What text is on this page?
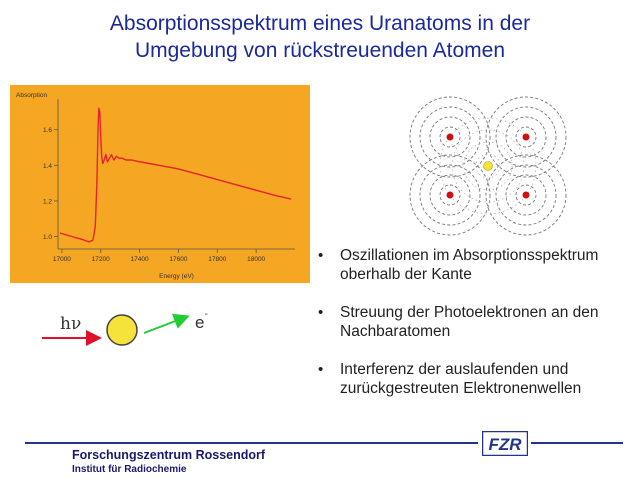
Absorptionsspektrum eines Uranatoms in der
Umgebung von rückstreuenden Atomen
1.0
1.2
1.4
1.6
17000	17200	17400	17600	17800	18000
Absorption
Energy (eV)
• Oszillationen im Absorptionsspektrum oberhalb der Kante
• Streuung der Photoelektronen an den Nachbaratomen
• Interferenz der auslaufenden und zurückgestreuten Elektronenwellen
hν	e-
FZR
Forschungszentrum Rossendorf
Institut für Radiochemie
